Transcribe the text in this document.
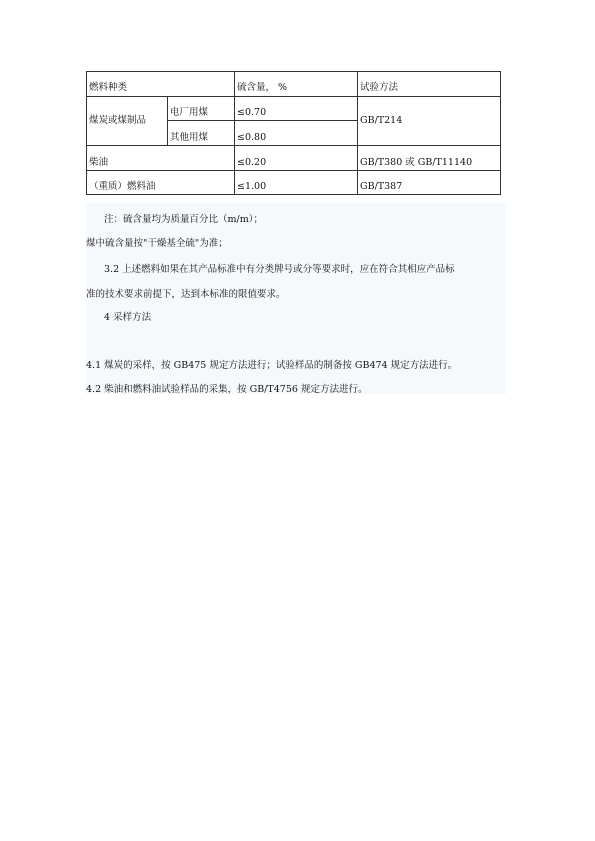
燃料种类		硫含量， %	试验方法
煤炭或煤制品	电厂用煤	≤0.70	GB/T214
	其他用煤	≤0.80	
柴油		≤0.20	GB/T380 或 GB/T11140
（重质）燃料油		≤1.00	GB/T387

注：硫含量均为质量百分比（m/m）；

煤中硫含量按"干燥基全硫"为准；

3.2 上述燃料如果在其产品标准中有分类牌号或分等要求时，应在符合其相应产品标

准的技术要求前提下，达到本标准的限值要求。

4 采样方法

4.1 煤炭的采样，按 GB475 规定方法进行；试验样品的制备按 GB474 规定方法进行。

4.2 柴油和燃料油试验样品的采集，按 GB/T4756 规定方法进行。
